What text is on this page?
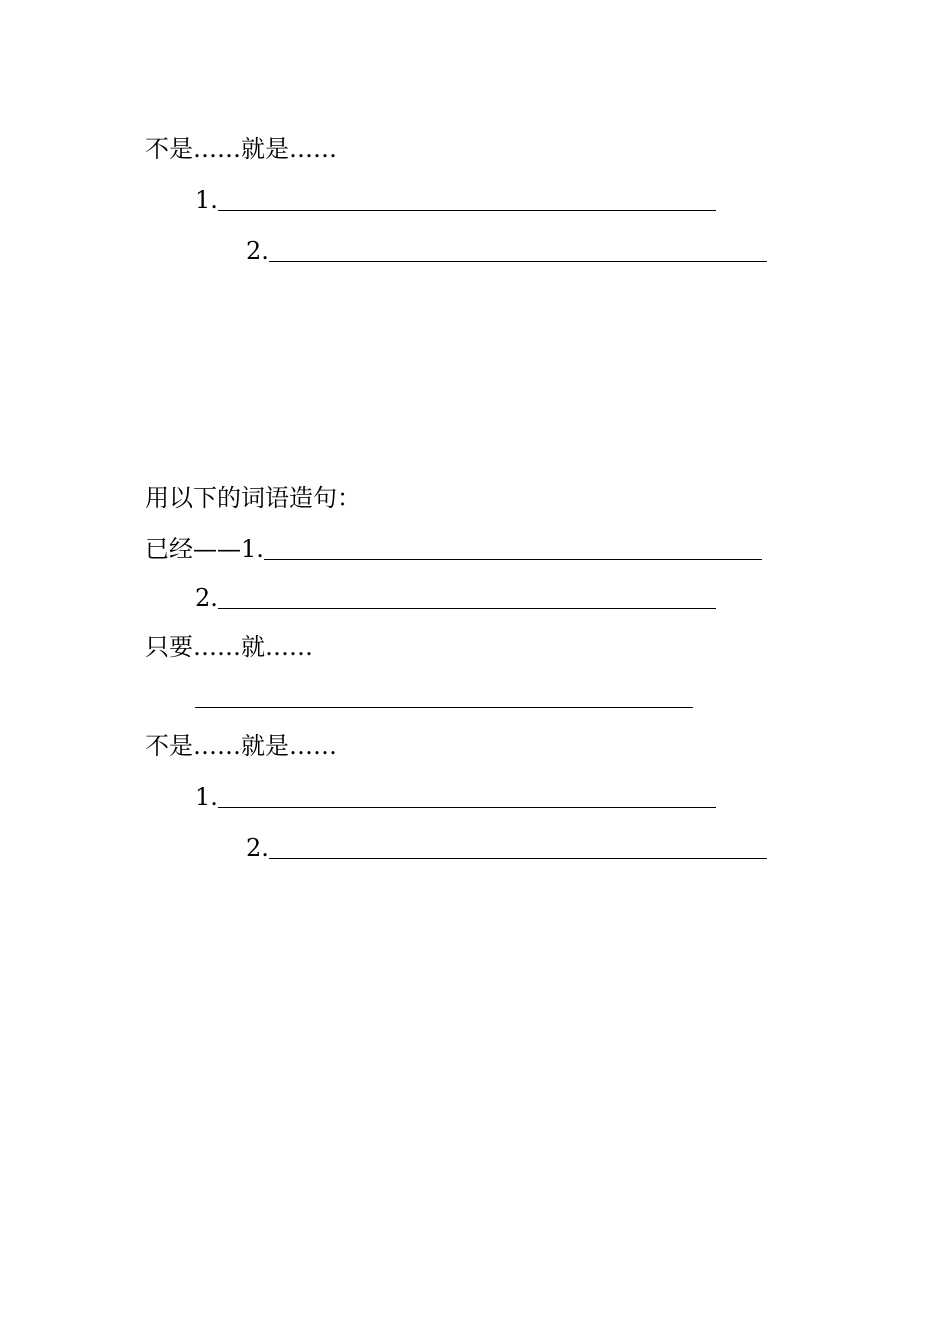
不是……就是……
1.
2.
用以下的词语造句：
已经——1.
2.
只要……就……
不是……就是……
1.
2.
